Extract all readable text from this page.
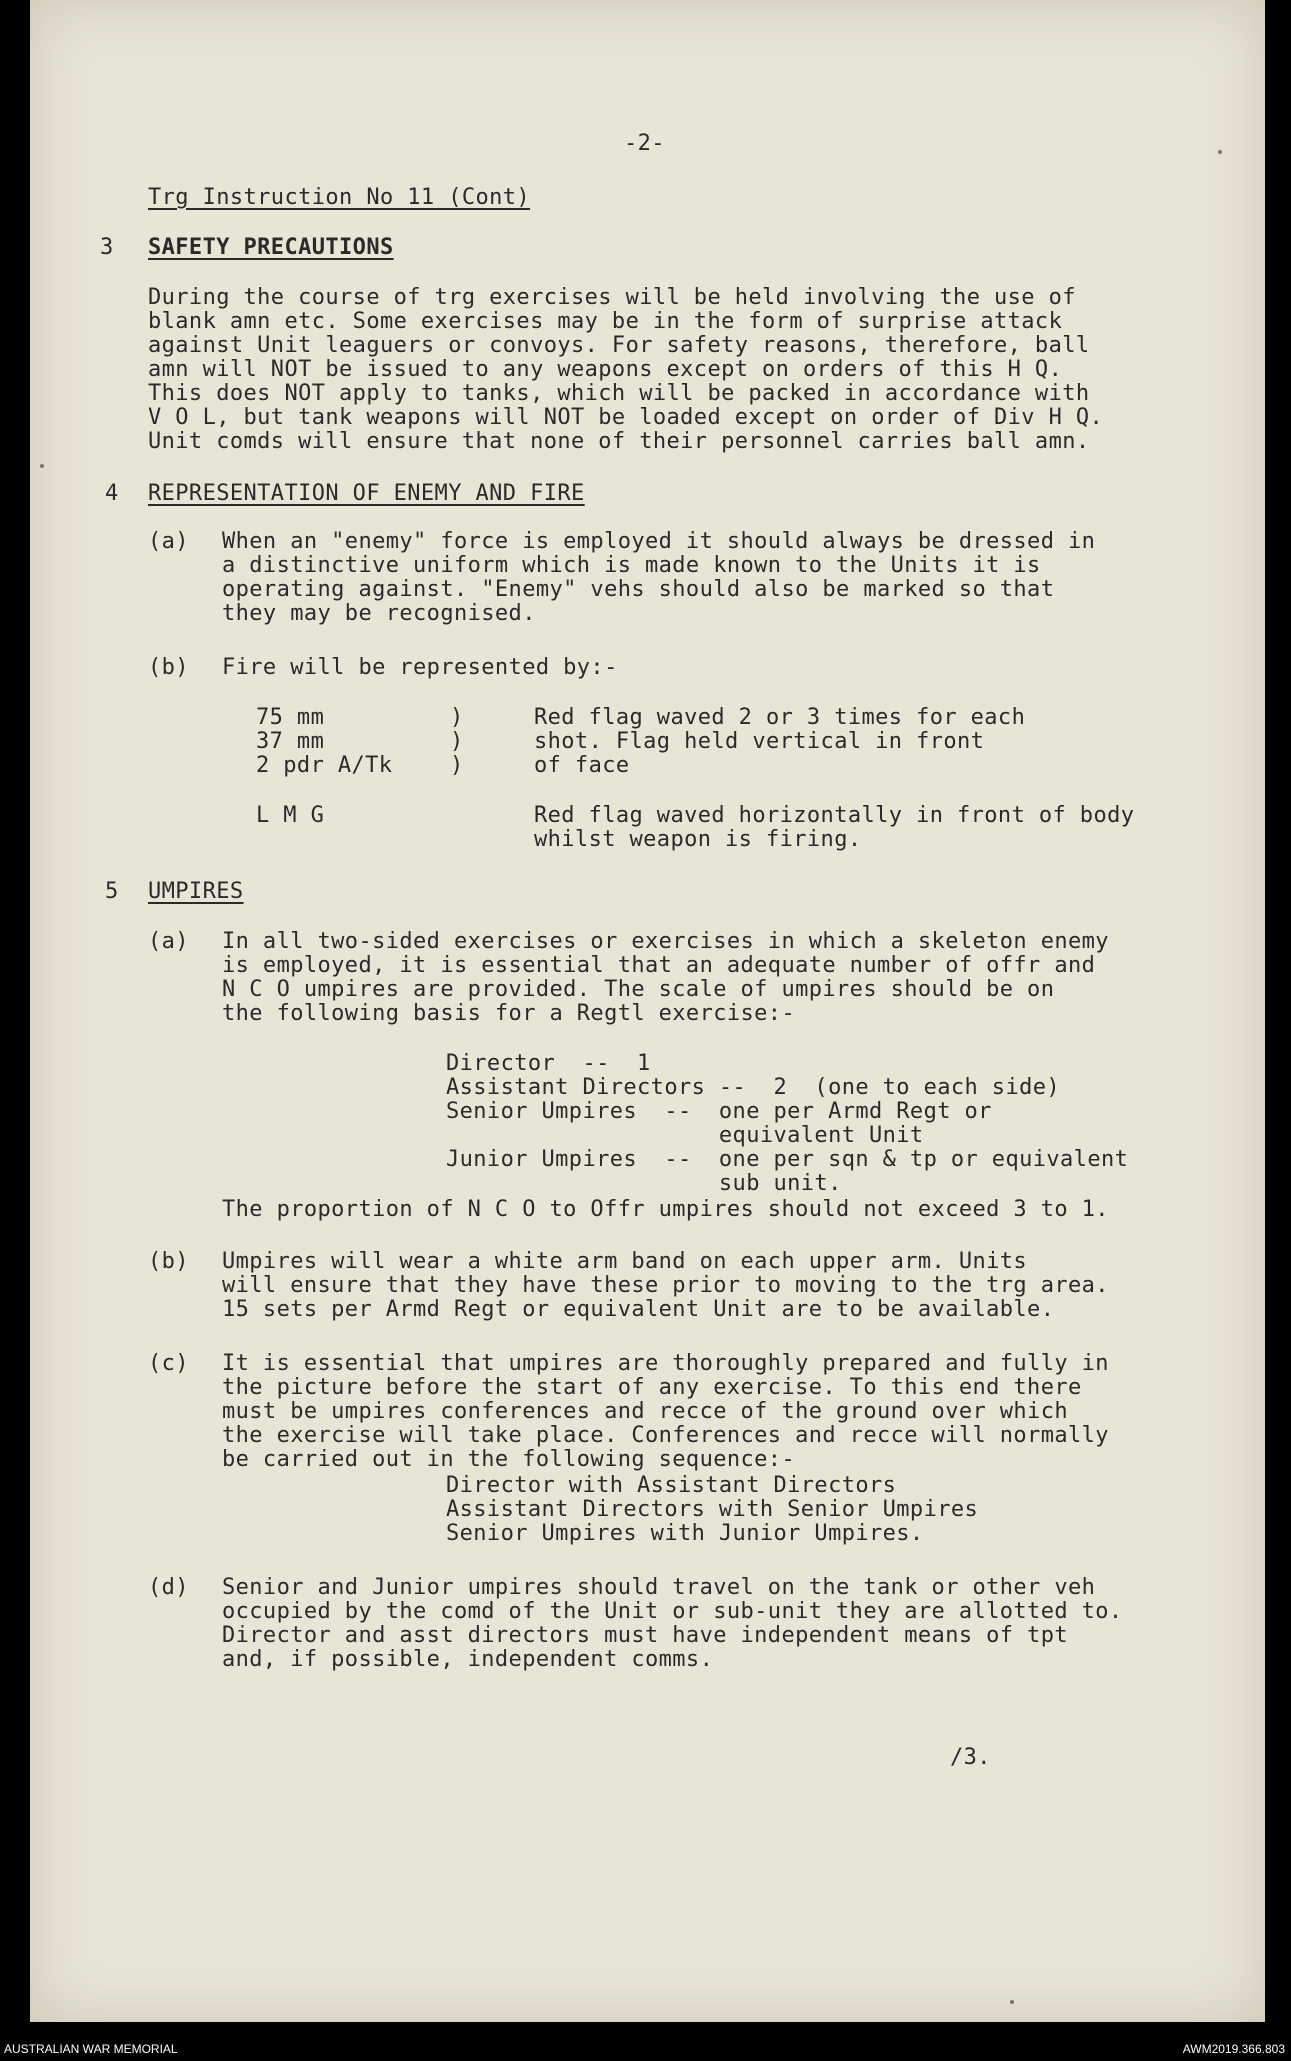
-2-
Trg Instruction No 11 (Cont)
3 SAFETY PRECAUTIONS
During the course of trg exercises will be held involving the use of
blank amn etc. Some exercises may be in the form of surprise attack
against Unit leaguers or convoys. For safety reasons, therefore, ball
amn will NOT be issued to any weapons except on orders of this H Q.
This does NOT apply to tanks, which will be packed in accordance with
V O L, but tank weapons will NOT be loaded except on order of Div H Q.
Unit comds will ensure that none of their personnel carries ball amn.
4 REPRESENTATION OF ENEMY AND FIRE
(a) When an "enemy" force is employed it should always be dressed in
a distinctive uniform which is made known to the Units it is
operating against. "Enemy" vehs should also be marked so that
they may be recognised.
(b) Fire will be represented by:-
75 mm	)	Red flag waved 2 or 3 times for each
37 mm	)	shot. Flag held vertical in front
2 pdr A/Tk	)	of face
L M G	Red flag waved horizontally in front of body
whilst weapon is firing.
5 UMPIRES
(a) In all two-sided exercises or exercises in which a skeleton enemy
is employed, it is essential that an adequate number of offr and
N C O umpires are provided. The scale of umpires should be on
the following basis for a Regtl exercise:-
Director  --  1
Assistant Directors --  2  (one to each side)
Senior Umpires  --  one per Armd Regt or
equivalent Unit
Junior Umpires  --  one per sqn & tp or equivalent
sub unit.
The proportion of N C O to Offr umpires should not exceed 3 to 1.
(b) Umpires will wear a white arm band on each upper arm. Units
will ensure that they have these prior to moving to the trg area.
15 sets per Armd Regt or equivalent Unit are to be available.
(c) It is essential that umpires are thoroughly prepared and fully in
the picture before the start of any exercise. To this end there
must be umpires conferences and recce of the ground over which
the exercise will take place. Conferences and recce will normally
be carried out in the following sequence:-
Director with Assistant Directors
Assistant Directors with Senior Umpires
Senior Umpires with Junior Umpires.
(d) Senior and Junior umpires should travel on the tank or other veh
occupied by the comd of the Unit or sub-unit they are allotted to.
Director and asst directors must have independent means of tpt
and, if possible, independent comms.
/3.
AUSTRALIAN WAR MEMORIAL	AWM2019.366.803
